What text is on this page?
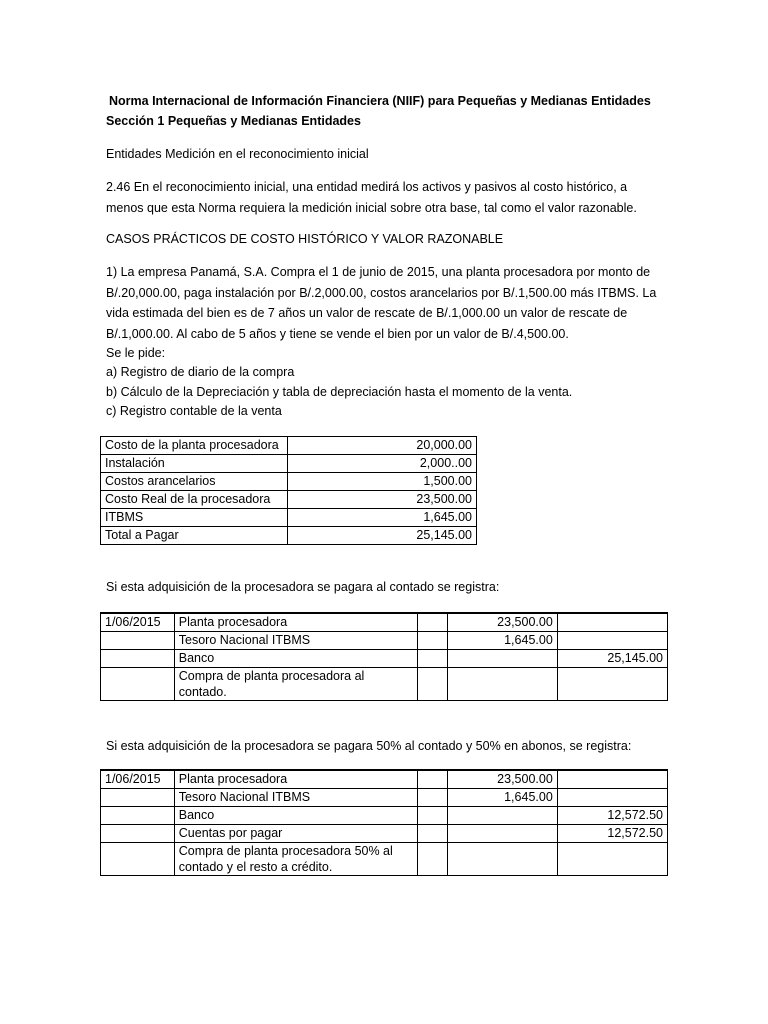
Norma Internacional de Información Financiera (NIIF) para Pequeñas y Medianas Entidades
Sección 1 Pequeñas y Medianas Entidades
Entidades Medición en el reconocimiento inicial

2.46 En el reconocimiento inicial, una entidad medirá los activos y pasivos al costo histórico, a

menos que esta Norma requiera la medición inicial sobre otra base, tal como el valor razonable.

CASOS PRÁCTICOS DE COSTO HISTÓRICO Y VALOR RAZONABLE

1) La empresa Panamá, S.A. Compra el 1 de junio de 2015, una planta procesadora por monto de

B/.20,000.00, paga instalación por B/.2,000.00, costos arancelarios por B/.1,500.00 más ITBMS. La

vida estimada del bien es de 7 años un valor de rescate de B/.1,000.00 un valor de rescate de

B/.1,000.00. Al cabo de 5 años y tiene se vende el bien por un valor de B/.4,500.00.

Se le pide:
a) Registro de diario de la compra
b) Cálculo de la Depreciación y tabla de depreciación hasta el momento de la venta.
c) Registro contable de la venta
Costo de la planta procesadora	20,000.00
Instalación	2,000..00
Costos arancelarios	1,500.00
Costo Real de la procesadora	23,500.00
ITBMS	1,645.00
Total a Pagar	25,145.00
Si esta adquisición de la procesadora se pagara al contado se registra:
1/06/2015	Planta procesadora		23,500.00	
	Tesoro Nacional ITBMS		1,645.00	
	Banco			25,145.00
	Compra de planta procesadora al contado.			
Si esta adquisición de la procesadora se pagara 50% al contado y 50% en abonos, se registra:
1/06/2015	Planta procesadora		23,500.00	
	Tesoro Nacional ITBMS		1,645.00	
	Banco			12,572.50
	Cuentas por pagar			12,572.50
	Compra de planta procesadora 50% al contado y el resto a crédito.			
